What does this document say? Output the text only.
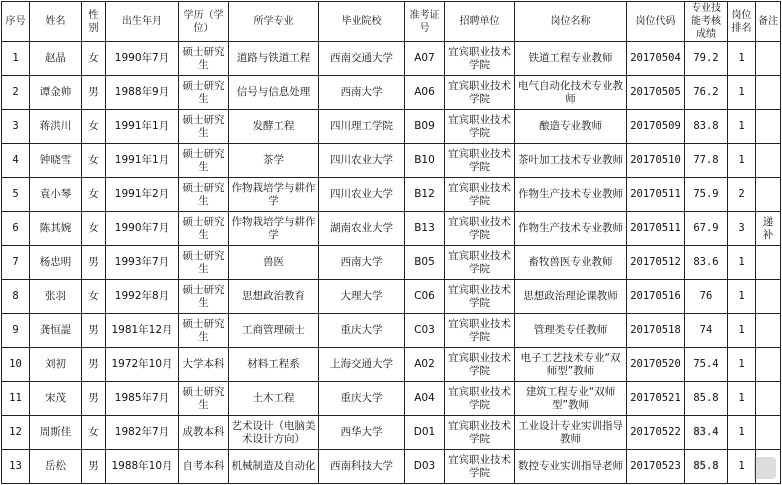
序号	姓名	性别	出生年月	学历（学位）	所学专业	毕业院校	准考证号	招聘单位	岗位名称	岗位代码	专业技能考核成绩	岗位排名	备注
1	赵晶	女	1990年7月	硕士研究生	道路与铁道工程	西南交通大学	A07	宜宾职业技术学院	铁道工程专业教师	20170504	79.2	1	
2	谭金帅	男	1988年9月	硕士研究生	信号与信息处理	西南大学	A06	宜宾职业技术学院	电气自动化技术专业教师	20170505	76.2	1	
3	蒋洪川	女	1991年1月	硕士研究生	发酵工程	四川理工学院	B09	宜宾职业技术学院	酿造专业教师	20170509	83.8	1	
4	钟晓雪	女	1991年1月	硕士研究生	茶学	四川农业大学	B10	宜宾职业技术学院	茶叶加工技术专业教师	20170510	77.8	1	
5	袁小琴	女	1991年2月	硕士研究生	作物栽培学与耕作学	四川农业大学	B12	宜宾职业技术学院	作物生产技术专业教师	20170511	75.9	2	
6	陈其婉	女	1990年7月	硕士研究生	作物栽培学与耕作学	湖南农业大学	B13	宜宾职业技术学院	作物生产技术专业教师	20170511	67.9	3	递补
7	杨忠明	男	1993年7月	硕士研究生	兽医	西南大学	B05	宜宾职业技术学院	畜牧兽医专业教师	20170512	83.6	1	
8	张羽	女	1992年8月	硕士研究生	思想政治教育	大理大学	C06	宜宾职业技术学院	思想政治理论课教师	20170516	76	1	
9	龚恒諟	男	1981年12月	硕士研究生	工商管理硕士	重庆大学	C03	宜宾职业技术学院	管理类专任教师	20170518	74	1	
10	刘初	男	1972年10月	大学本科	材料工程系	上海交通大学	A02	宜宾职业技术学院	电子工艺技术专业“双师型”教师	20170520	75.4	1	
11	宋茂	男	1985年7月	硕士研究生	土木工程	重庆大学	A04	宜宾职业技术学院	建筑工程专业“双师型”教师	20170521	85.8	1	
12	周斯佳	女	1982年7月	成教本科	艺术设计（电脑美术设计方向）	西华大学	D01	宜宾职业技术学院	工业设计专业实训指导教师	20170522	83.4	1	
13	岳松	男	1988年10月	自考本科	机械制造及自动化	西南科技大学	D03	宜宾职业技术学院	数控专业实训指导老师	20170523	85.8	1	
